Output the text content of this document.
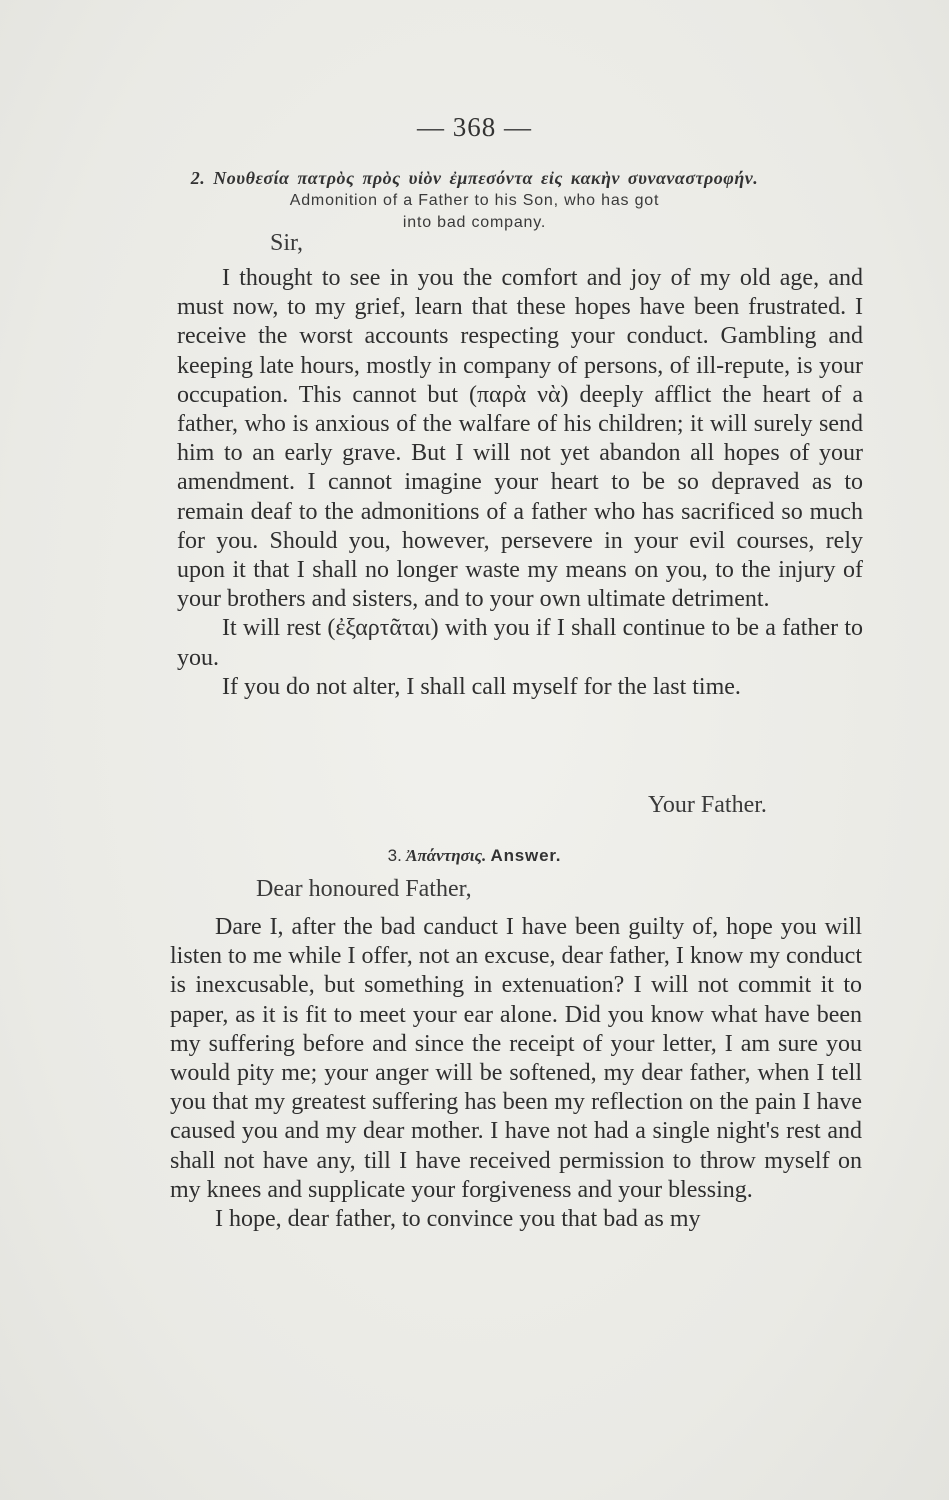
— 368 —
2. Νουθεσία πατρὸς πρὸς υἱὸν ἐμπεσόντα εἰς κακὴν συναναστροφήν.
Admonition of a Father to his Son, who has got
into bad company.
Sir,

I thought to see in you the comfort and joy of my old age, and must now, to my grief, learn that these hopes have been frustrated. I receive the worst accounts respecting your conduct. Gambling and keeping late hours, mostly in company of persons, of ill-repute, is your occupation. This cannot but (παρὰ νὰ) deeply afflict the heart of a father, who is anxious of the walfare of his children; it will surely send him to an early grave. But I will not yet abandon all hopes of your amendment. I cannot imagine your heart to be so depraved as to remain deaf to the admonitions of a father who has sacrificed so much for you. Should you, however, persevere in your evil courses, rely upon it that I shall no longer waste my means on you, to the injury of your brothers and sisters, and to your own ultimate detriment.

It will rest (ἐξαρτᾶται) with you if I shall continue to be a father to you.

If you do not alter, I shall call myself for the last time.

Your Father.
3. Ἀπάντησις. Answer.
Dear honoured Father,

Dare I, after the bad canduct I have been guilty of, hope you will listen to me while I offer, not an excuse, dear father, I know my conduct is inexcusable, but something in extenuation? I will not commit it to paper, as it is fit to meet your ear alone. Did you know what have been my suffering before and since the receipt of your letter, I am sure you would pity me; your anger will be softened, my dear father, when I tell you that my greatest suffering has been my reflection on the pain I have caused you and my dear mother. I have not had a single night's rest and shall not have any, till I have received permission to throw myself on my knees and supplicate your forgiveness and your blessing.

I hope, dear father, to convince you that bad as my
